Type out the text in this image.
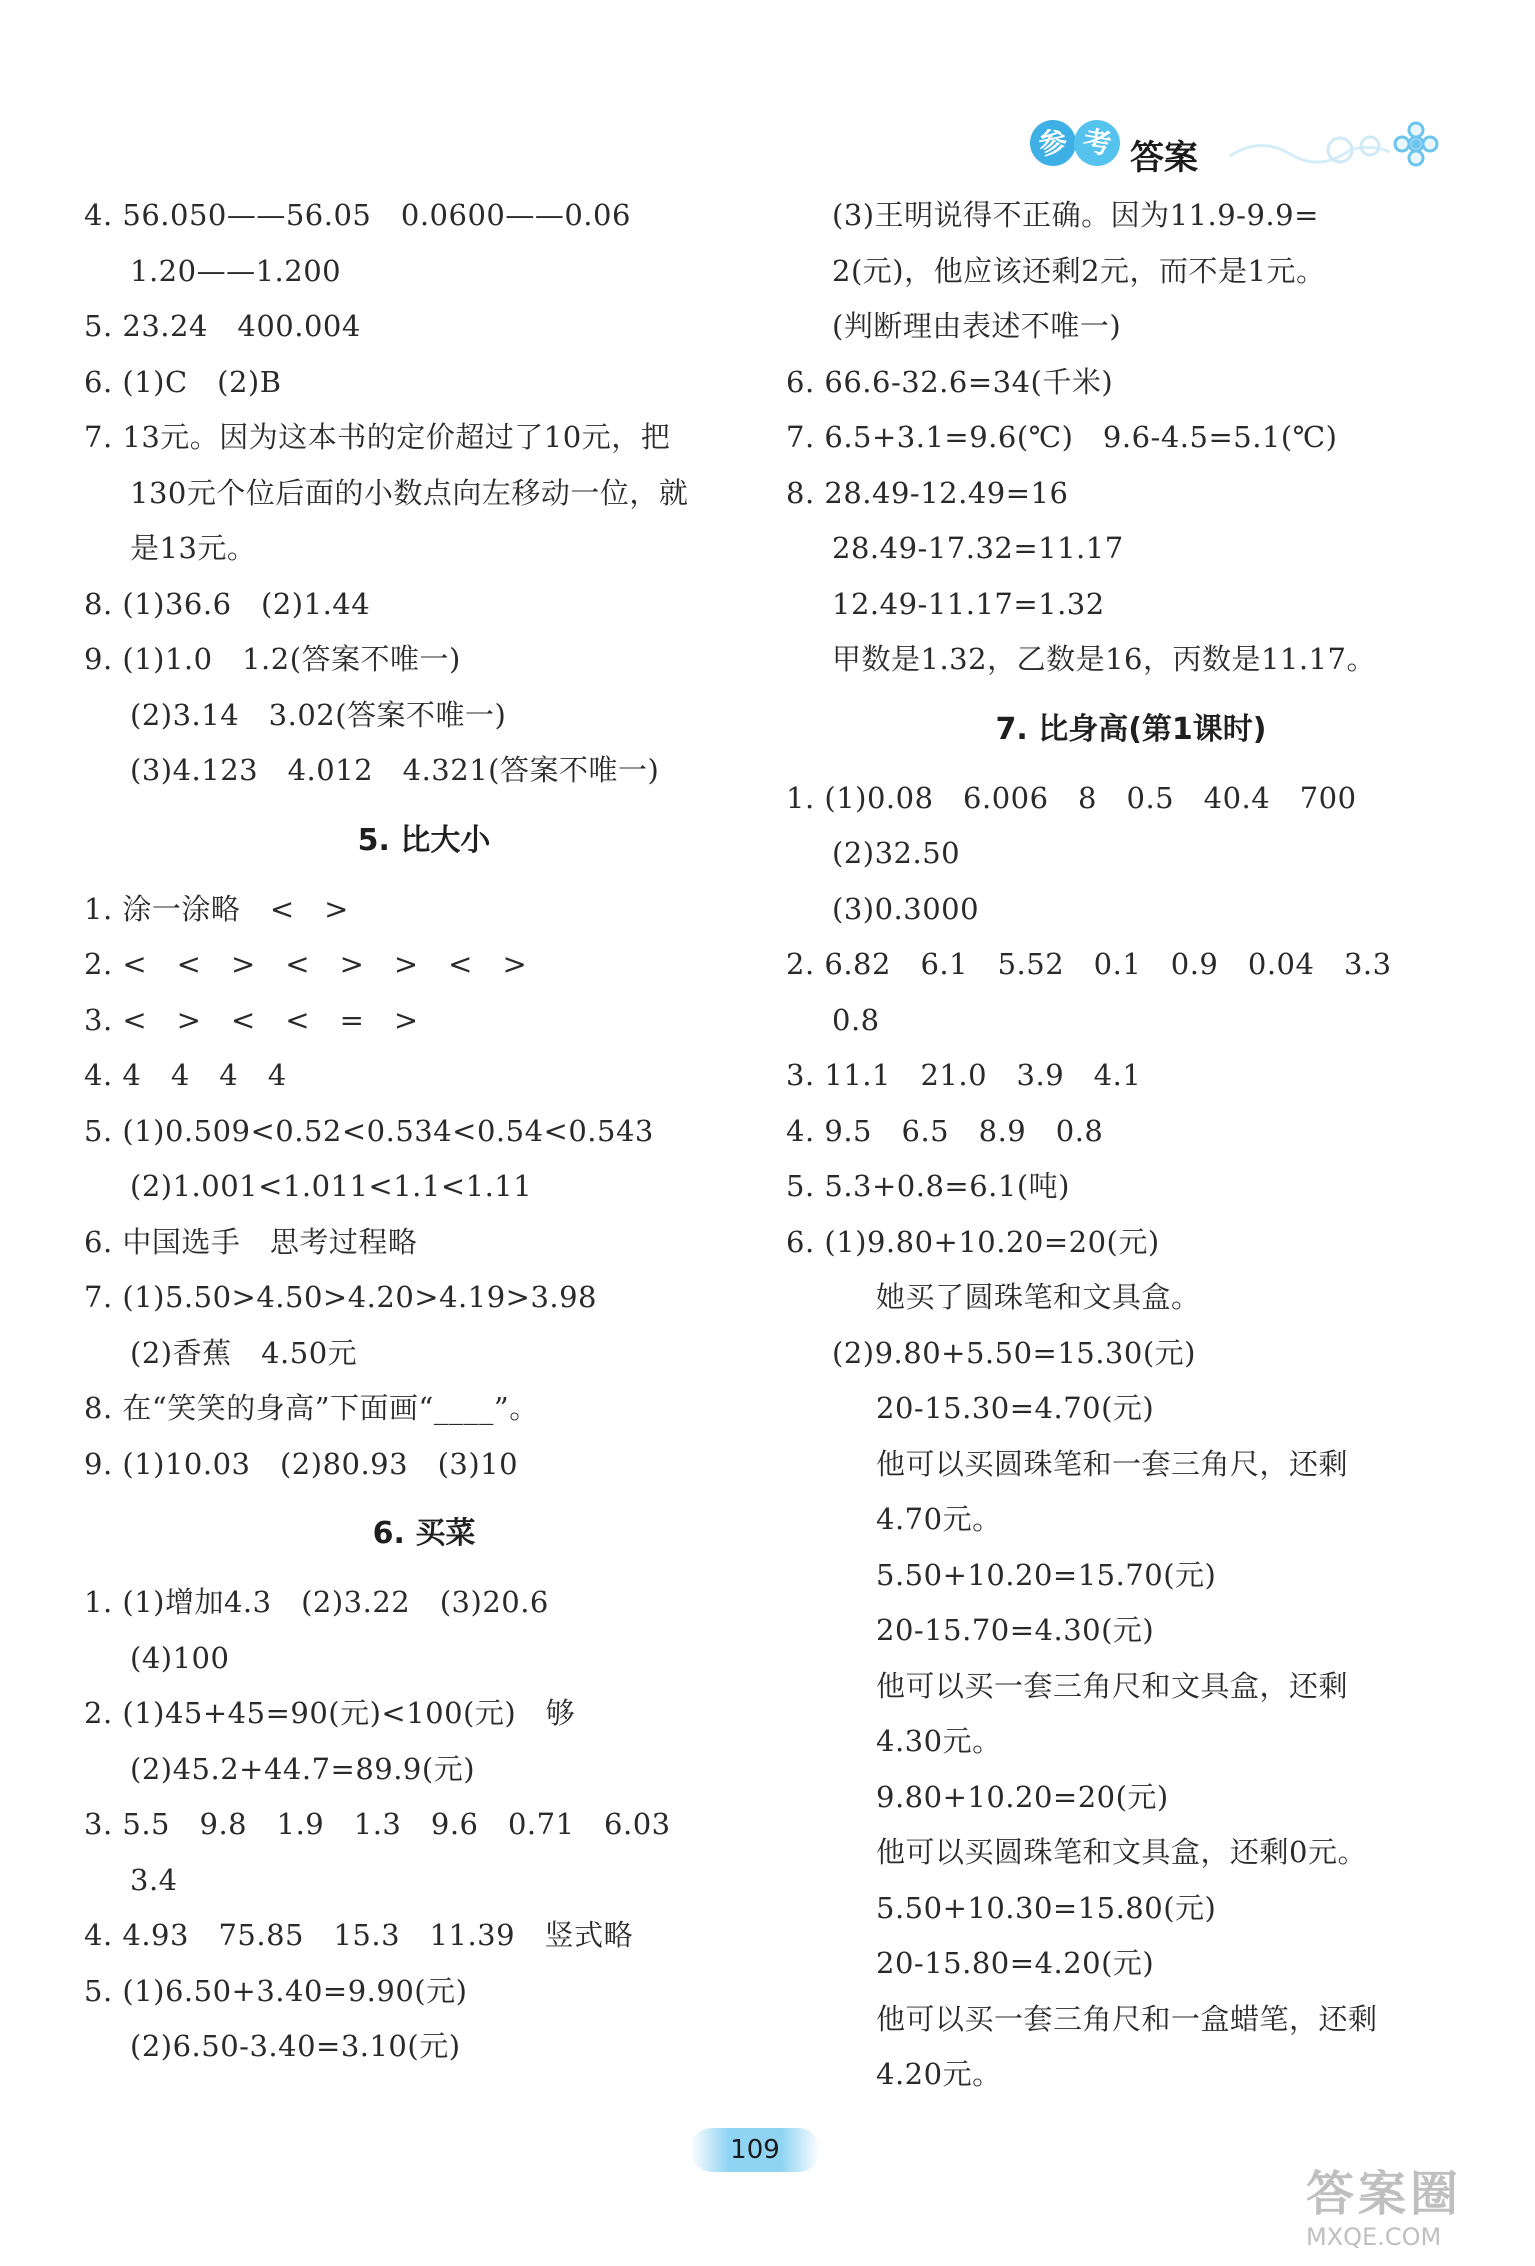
参 考 答案
4. 56.050——56.05　0.0600——0.06
1.20——1.200
5. 23.24　400.004
6. (1)C　(2)B
7. 13元。因为这本书的定价超过了10元，把
130元个位后面的小数点向左移动一位，就
是13元。
8. (1)36.6　(2)1.44
9. (1)1.0　1.2(答案不唯一)
(2)3.14　3.02(答案不唯一)
(3)4.123　4.012　4.321(答案不唯一)
5. 比大小
1. 涂一涂略　<　>
2. <　<　>　<　>　>　<　>
3. <　>　<　<　=　>
4. 4　4　4　4
5. (1)0.509<0.52<0.534<0.54<0.543
(2)1.001<1.011<1.1<1.11
6. 中国选手　思考过程略
7. (1)5.50>4.50>4.20>4.19>3.98
(2)香蕉　4.50元
8. 在“笑笑的身高”下面画“____”。
9. (1)10.03　(2)80.93　(3)10
6. 买菜
1. (1)增加4.3　(2)3.22　(3)20.6
(4)100
2. (1)45+45=90(元)<100(元)　够
(2)45.2+44.7=89.9(元)
3. 5.5　9.8　1.9　1.3　9.6　0.71　6.03
3.4
4. 4.93　75.85　15.3　11.39　竖式略
5. (1)6.50+3.40=9.90(元)
(2)6.50-3.40=3.10(元)
(3)王明说得不正确。因为11.9-9.9=
2(元)，他应该还剩2元，而不是1元。
(判断理由表述不唯一)
6. 66.6-32.6=34(千米)
7. 6.5+3.1=9.6(℃)　9.6-4.5=5.1(℃)
8. 28.49-12.49=16
28.49-17.32=11.17
12.49-11.17=1.32
甲数是1.32，乙数是16，丙数是11.17。
7. 比身高(第1课时)
1. (1)0.08　6.006　8　0.5　40.4　700
(2)32.50
(3)0.3000
2. 6.82　6.1　5.52　0.1　0.9　0.04　3.3
0.8
3. 11.1　21.0　3.9　4.1
4. 9.5　6.5　8.9　0.8
5. 5.3+0.8=6.1(吨)
6. (1)9.80+10.20=20(元)
她买了圆珠笔和文具盒。
(2)9.80+5.50=15.30(元)
20-15.30=4.70(元)
他可以买圆珠笔和一套三角尺，还剩
4.70元。
5.50+10.20=15.70(元)
20-15.70=4.30(元)
他可以买一套三角尺和文具盒，还剩
4.30元。
9.80+10.20=20(元)
他可以买圆珠笔和文具盒，还剩0元。
5.50+10.30=15.80(元)
20-15.80=4.20(元)
他可以买一套三角尺和一盒蜡笔，还剩
4.20元。
109
答案圈
MXQE.COM
